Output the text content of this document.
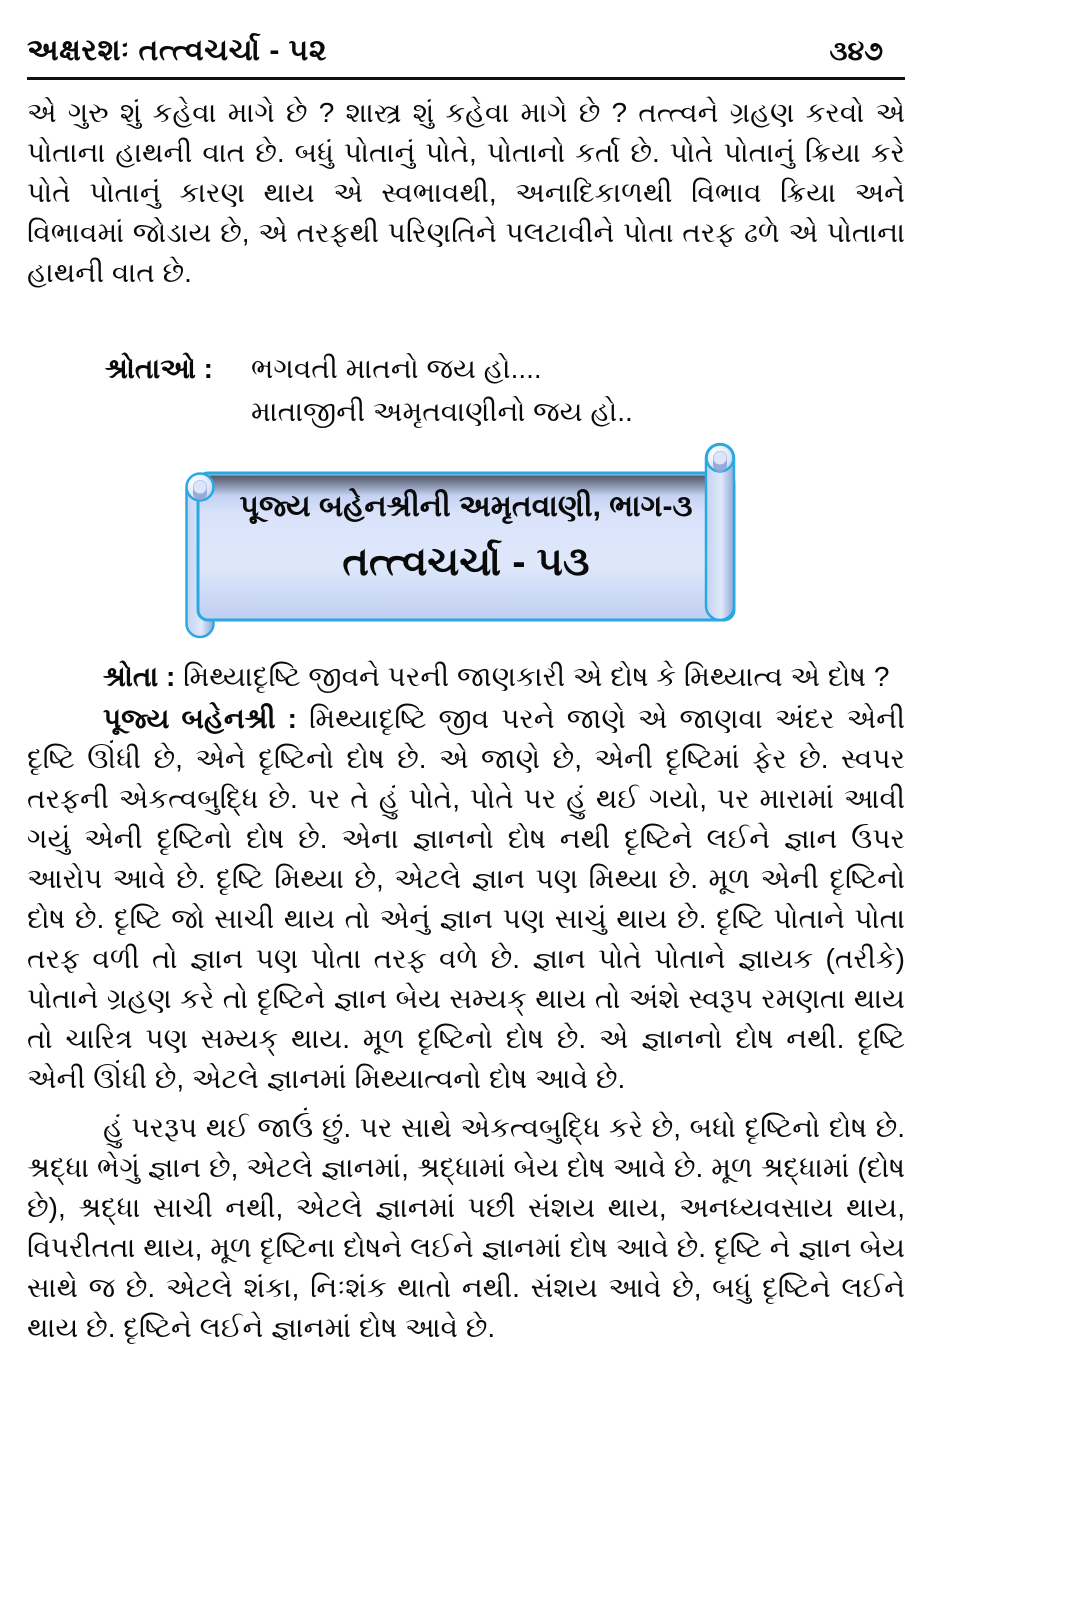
અક્ષરશઃ તત્ત્વચર્ચા - ૫૨	૩૪૭

એ ગુરુ શું કહેવા માગે છે ? શાસ્ત્ર શું કહેવા માગે છે ? તત્ત્વને ગ્રહણ કરવો એ પોતાના હાથની વાત છે. બધું પોતાનું પોતે, પોતાનો કર્તા છે. પોતે પોતાનું ક્રિયા કરે પોતે પોતાનું કારણ થાય એ સ્વભાવથી, અનાદિકાળથી વિભાવ ક્રિયા અને વિભાવમાં જોડાય છે, એ તરફથી પરિણતિને પલટાવીને પોતા તરફ ઢળે એ પોતાના હાથની વાત છે.

શ્રોતાઓ :	ભગવતી માતનો જય હો....
માતાજીની અમૃતવાણીનો જય હો..
પૂજ્ય બહેનશ્રીની અમૃતવાણી, ભાગ-૩
તત્ત્વચર્ચા - ૫૩

શ્રોતા : મિથ્યાદૃષ્ટિ જીવને પરની જાણકારી એ દોષ કે મિથ્યાત્વ એ દોષ ?

પૂજ્ય બહેનશ્રી : મિથ્યાદૃષ્ટિ જીવ પરને જાણે એ જાણવા અંદર એની દૃષ્ટિ ઊંધી છે, એને દૃષ્ટિનો દોષ છે. એ જાણે છે, એની દૃષ્ટિમાં ફેર છે. સ્વપર તરફની એકત્વબુદ્ધિ છે. પર તે હું પોતે, પોતે પર હું થઈ ગયો, પર મારામાં આવી ગયું એની દૃષ્ટિનો દોષ છે. એના જ્ઞાનનો દોષ નથી દૃષ્ટિને લઈને જ્ઞાન ઉપર આરોપ આવે છે. દૃષ્ટિ મિથ્યા છે, એટલે જ્ઞાન પણ મિથ્યા છે. મૂળ એની દૃષ્ટિનો દોષ છે. દૃષ્ટિ જો સાચી થાય તો એનું જ્ઞાન પણ સાચું થાય છે. દૃષ્ટિ પોતાને પોતા તરફ વળી તો જ્ઞાન પણ પોતા તરફ વળે છે. જ્ઞાન પોતે પોતાને જ્ઞાયક (તરીકે) પોતાને ગ્રહણ કરે તો દૃષ્ટિને જ્ઞાન બેય સમ્યક્ થાય તો અંશે સ્વરૂપ રમણતા થાય તો ચારિત્ર પણ સમ્યક્ થાય. મૂળ દૃષ્ટિનો દોષ છે. એ જ્ઞાનનો દોષ નથી. દૃષ્ટિ એની ઊંધી છે, એટલે જ્ઞાનમાં મિથ્યાત્વનો દોષ આવે છે.

હું પરરૂપ થઈ જાઉં છું. પર સાથે એકત્વબુદ્ધિ કરે છે, બધો દૃષ્ટિનો દોષ છે. શ્રદ્ધા ભેગું જ્ઞાન છે, એટલે જ્ઞાનમાં, શ્રદ્ધામાં બેય દોષ આવે છે. મૂળ શ્રદ્ધામાં (દોષ છે), શ્રદ્ધા સાચી નથી, એટલે જ્ઞાનમાં પછી સંશય થાય, અનધ્યવસાય થાય, વિપરીતતા થાય, મૂળ દૃષ્ટિના દોષને લઈને જ્ઞાનમાં દોષ આવે છે. દૃષ્ટિ ને જ્ઞાન બેય સાથે જ છે. એટલે શંકા, નિઃશંક થાતો નથી. સંશય આવે છે, બધું દૃષ્ટિને લઈને થાય છે. દૃષ્ટિને લઈને જ્ઞાનમાં દોષ આવે છે.
